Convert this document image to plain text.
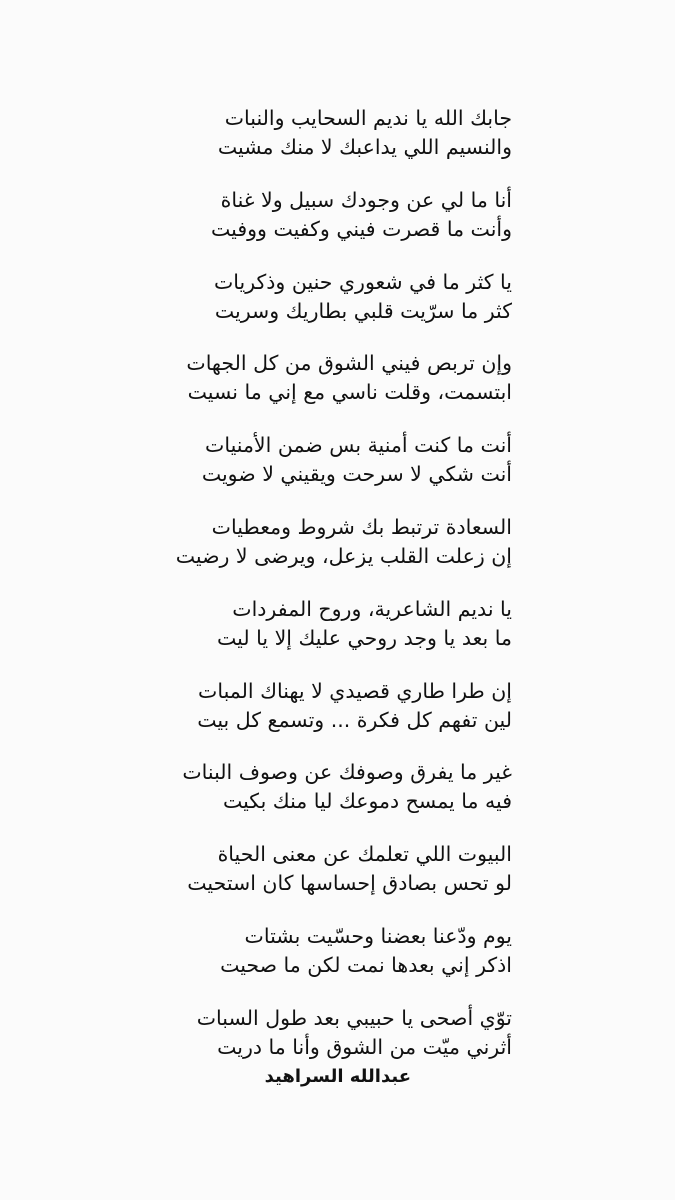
جابك الله يا نديم السحايب والنبات
والنسيم اللي يداعبك لا منك مشيت
أنا ما لي عن وجودك سبيل ولا غناة
وأنت ما قصرت فيني وكفيت ووفيت
يا كثر ما في شعوري حنين وذكريات
كثر ما سرّيت قلبي بطاريك وسريت
وإن تربص فيني الشوق من كل الجهات
ابتسمت، وقلت ناسي مع إني ما نسيت
أنت ما كنت أمنية بس ضمن الأمنيات
أنت شكي لا سرحت ويقيني لا ضويت
السعادة ترتبط بك شروط ومعطيات
إن زعلت القلب يزعل، ويرضى لا رضيت
يا نديم الشاعرية، وروح المفردات
ما بعد يا وجد روحي عليك إلا يا ليت
إن طرا طاري قصيدي لا يهناك المبات
لين تفهم كل فكرة ... وتسمع كل بيت
غير ما يفرق وصوفك عن وصوف البنات
فيه ما يمسح دموعك ليا منك بكيت
البيوت اللي تعلمك عن معنى الحياة
لو تحس بصادق إحساسها كان استحيت
يوم ودّعنا بعضنا وحسّيت بشتات
اذكر إني بعدها نمت لكن ما صحيت
توّي أصحى يا حبيبي بعد طول السبات
أثرني ميّت من الشوق وأنا ما دريت
عبدالله السراهيد
